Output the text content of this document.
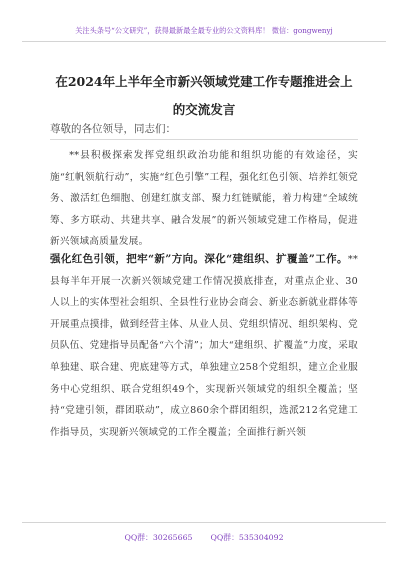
关注头条号“公文研究”，获得最新最全最专业的公文资料库！ 微信：gongwenyj
在2024年上半年全市新兴领域党建工作专题推进会上的交流发言
尊敬的各位领导，同志们：
**县积极探索发挥党组织政治功能和组织功能的有效途径，实施“红帆领航行动”，实施“红色引擎”工程，强化红色引领、培养红领党务、激活红色细胞、创建红旗支部、聚力红链赋能，着力构建“全域统筹、多方联动、共建共享、融合发展”的新兴领域党建工作格局，促进新兴领域高质量发展。
强化红色引领，把牢“新”方向。深化“建组织、扩覆盖”工作。**县每半年开展一次新兴领域党建工作情况摸底排查，对重点企业、30人以上的实体型社会组织、全县性行业协会商会、新业态新就业群体等开展重点摸排，做到经营主体、从业人员、党组织情况、组织架构、党员队伍、党建指导员配备“六个清”；加大“建组织、扩覆盖”力度，采取单独建、联合建、兜底建等方式，单独建立258个党组织，建立企业服务中心党组织、联合党组织49个，实现新兴领域党的组织全覆盖；坚持“党建引领，群团联动”，成立860余个群团组织，选派212名党建工作指导员，实现新兴领域党的工作全覆盖；全面推行新兴领
QQ群：30265665 QQ群：535304092
